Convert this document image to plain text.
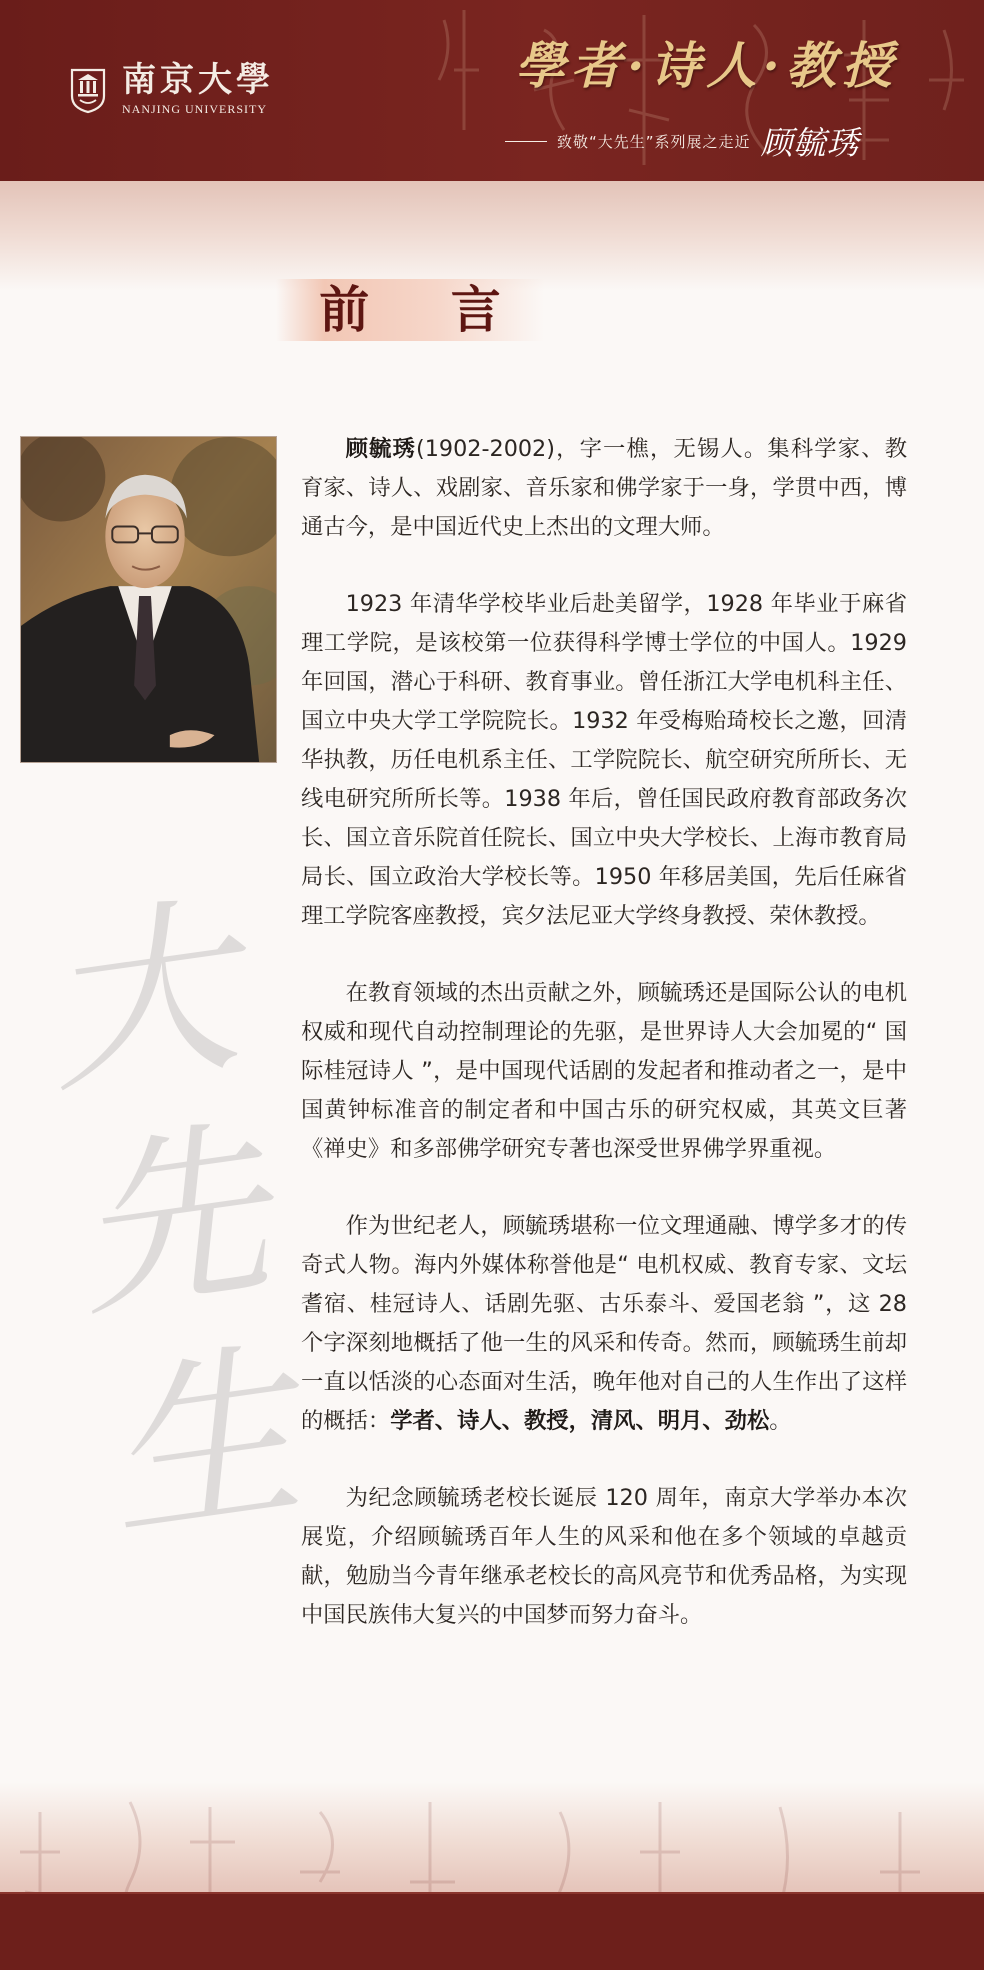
南京大學
NANJING UNIVERSITY
學者·诗人·教授
致敬“大先生”系列展之走近 顾毓琇
前 言
大先生

顾毓琇(1902-2002)，字一樵，无锡人。集科学家、教育家、诗人、戏剧家、音乐家和佛学家于一身，学贯中西，博通古今，是中国近代史上杰出的文理大师。

1923 年清华学校毕业后赴美留学，1928 年毕业于麻省理工学院，是该校第一位获得科学博士学位的中国人。1929 年回国，潜心于科研、教育事业。曾任浙江大学电机科主任、国立中央大学工学院院长。1932 年受梅贻琦校长之邀，回清华执教，历任电机系主任、工学院院长、航空研究所所长、无线电研究所所长等。1938 年后，曾任国民政府教育部政务次长、国立音乐院首任院长、国立中央大学校长、上海市教育局局长、国立政治大学校长等。1950 年移居美国，先后任麻省理工学院客座教授，宾夕法尼亚大学终身教授、荣休教授。

在教育领域的杰出贡献之外，顾毓琇还是国际公认的电机权威和现代自动控制理论的先驱，是世界诗人大会加冕的“ 国际桂冠诗人 ”，是中国现代话剧的发起者和推动者之一，是中国黄钟标准音的制定者和中国古乐的研究权威，其英文巨著《禅史》和多部佛学研究专著也深受世界佛学界重视。

作为世纪老人，顾毓琇堪称一位文理通融、博学多才的传奇式人物。海内外媒体称誉他是“ 电机权威、教育专家、文坛耆宿、桂冠诗人、话剧先驱、古乐泰斗、爱国老翁 ”，这 28 个字深刻地概括了他一生的风采和传奇。然而，顾毓琇生前却一直以恬淡的心态面对生活，晚年他对自己的人生作出了这样的概括：学者、诗人、教授，清风、明月、劲松。

为纪念顾毓琇老校长诞辰 120 周年，南京大学举办本次展览，介绍顾毓琇百年人生的风采和他在多个领域的卓越贡献，勉励当今青年继承老校长的高风亮节和优秀品格，为实现中国民族伟大复兴的中国梦而努力奋斗。
